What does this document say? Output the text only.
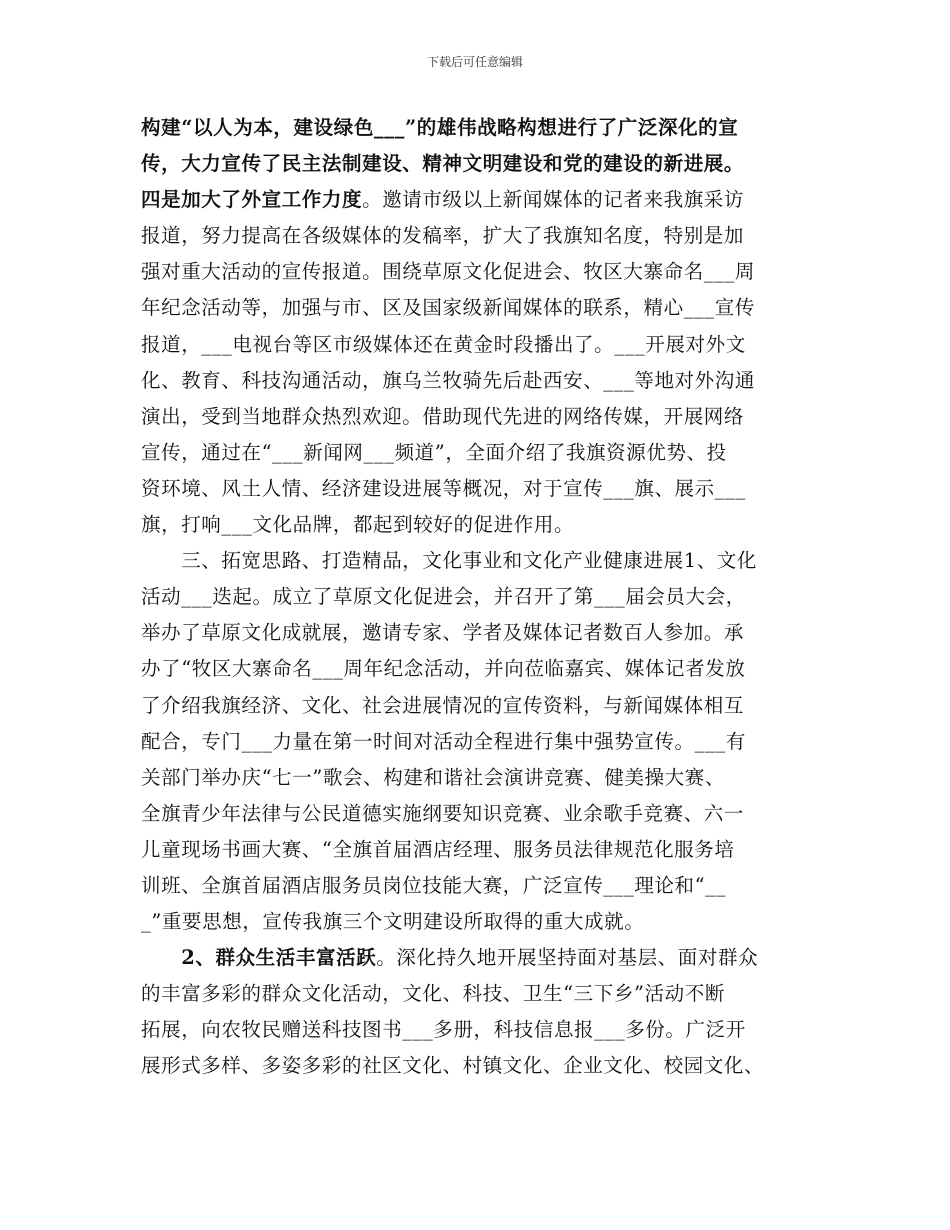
下载后可任意编辑
构建“以人为本，建设绿色___”的雄伟战略构想进行了广泛深化的宣
传，大力宣传了民主法制建设、精神文明建设和党的建设的新进展。
四是加大了外宣工作力度。邀请市级以上新闻媒体的记者来我旗采访
报道，努力提高在各级媒体的发稿率，扩大了我旗知名度，特别是加
强对重大活动的宣传报道。围绕草原文化促进会、牧区大寨命名___周
年纪念活动等，加强与市、区及国家级新闻媒体的联系，精心___宣传
报道，___电视台等区市级媒体还在黄金时段播出了。___开展对外文
化、教育、科技沟通活动，旗乌兰牧骑先后赴西安、___等地对外沟通
演出，受到当地群众热烈欢迎。借助现代先进的网络传媒，开展网络
宣传，通过在“___新闻网___频道”，全面介绍了我旗资源优势、投
资环境、风土人情、经济建设进展等概况，对于宣传___旗、展示___
旗，打响___文化品牌，都起到较好的促进作用。
　　三、拓宽思路、打造精品，文化事业和文化产业健康进展1、文化
活动___迭起。成立了草原文化促进会，并召开了第___届会员大会，
举办了草原文化成就展，邀请专家、学者及媒体记者数百人参加。承
办了“牧区大寨命名___周年纪念活动，并向莅临嘉宾、媒体记者发放
了介绍我旗经济、文化、社会进展情况的宣传资料，与新闻媒体相互
配合，专门___力量在第一时间对活动全程进行集中强势宣传。___有
关部门举办庆“七一”歌会、构建和谐社会演讲竞赛、健美操大赛、
全旗青少年法律与公民道德实施纲要知识竞赛、业余歌手竞赛、六一
儿童现场书画大赛、“全旗首届酒店经理、服务员法律规范化服务培
训班、全旗首届酒店服务员岗位技能大赛，广泛宣传___理论和“__
_”重要思想，宣传我旗三个文明建设所取得的重大成就。
　　2、群众生活丰富活跃。深化持久地开展坚持面对基层、面对群众
的丰富多彩的群众文化活动，文化、科技、卫生“三下乡”活动不断
拓展，向农牧民赠送科技图书___多册，科技信息报___多份。广泛开
展形式多样、多姿多彩的社区文化、村镇文化、企业文化、校园文化、
